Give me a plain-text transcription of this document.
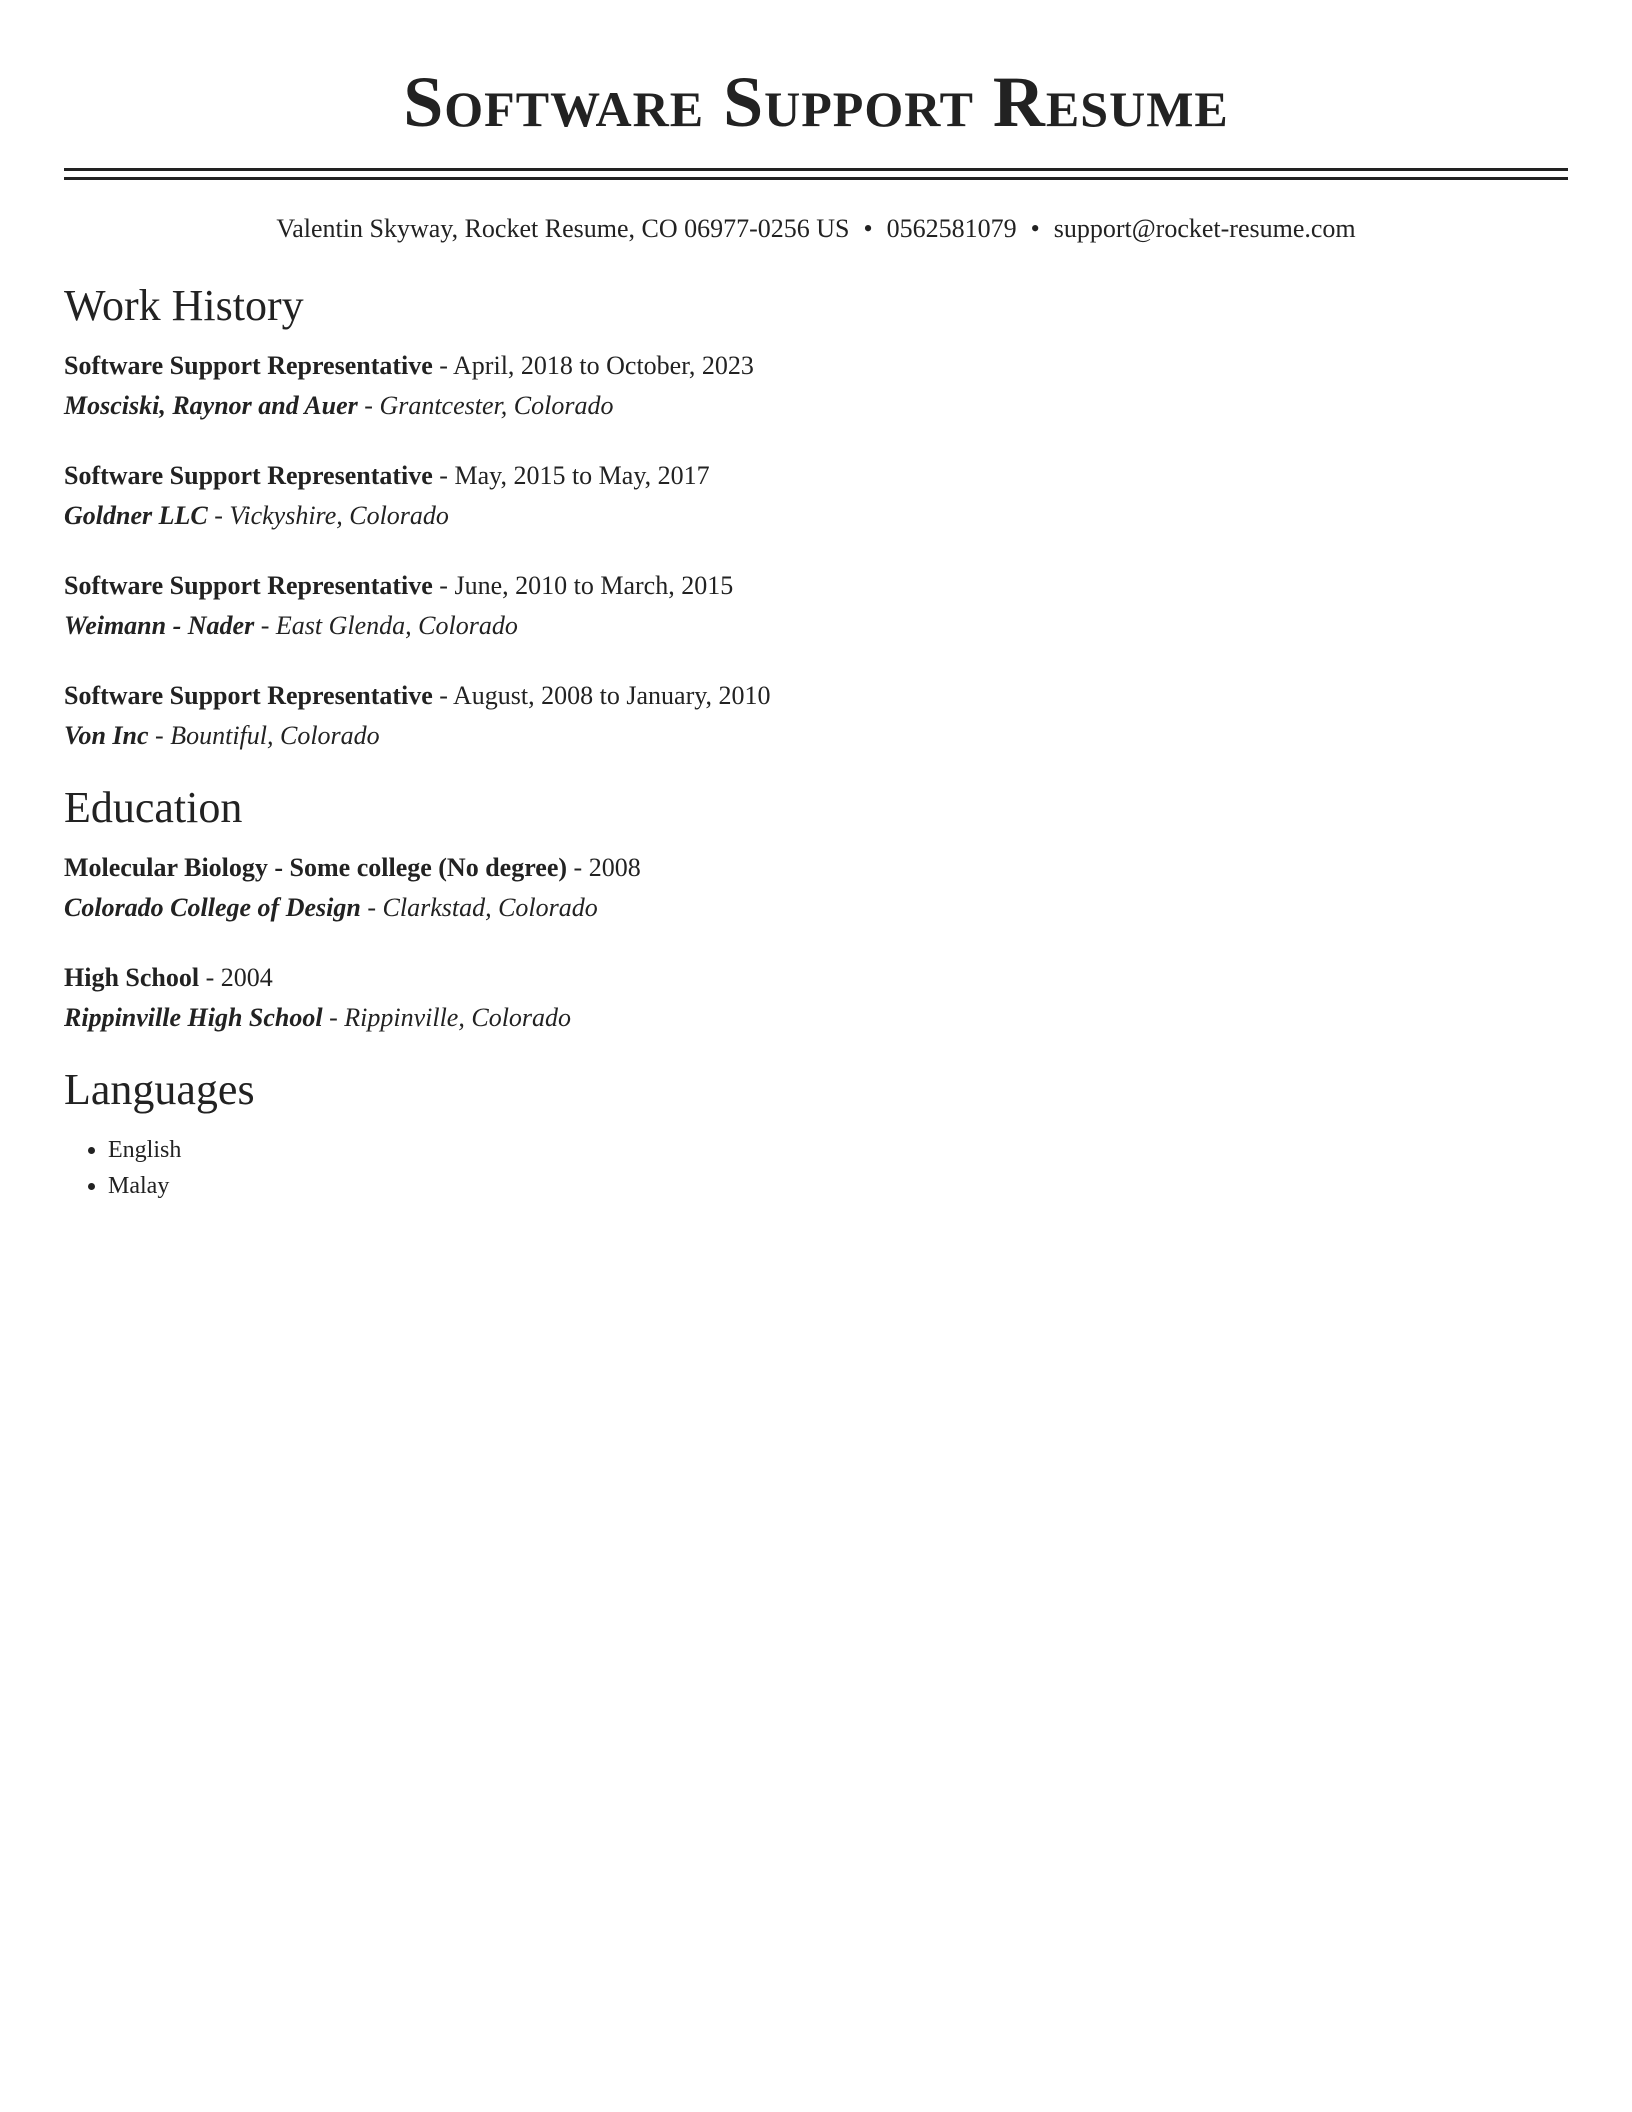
Software Support Resume
Valentin Skyway, Rocket Resume, CO 06977-0256 US • 0562581079 • support@rocket-resume.com
Work History
Software Support Representative - April, 2018 to October, 2023
Mosciski, Raynor and Auer - Grantcester, Colorado
Software Support Representative - May, 2015 to May, 2017
Goldner LLC - Vickyshire, Colorado
Software Support Representative - June, 2010 to March, 2015
Weimann - Nader - East Glenda, Colorado
Software Support Representative - August, 2008 to January, 2010
Von Inc - Bountiful, Colorado
Education
Molecular Biology - Some college (No degree) - 2008
Colorado College of Design - Clarkstad, Colorado
High School - 2004
Rippinville High School - Rippinville, Colorado
Languages
• English
• Malay
